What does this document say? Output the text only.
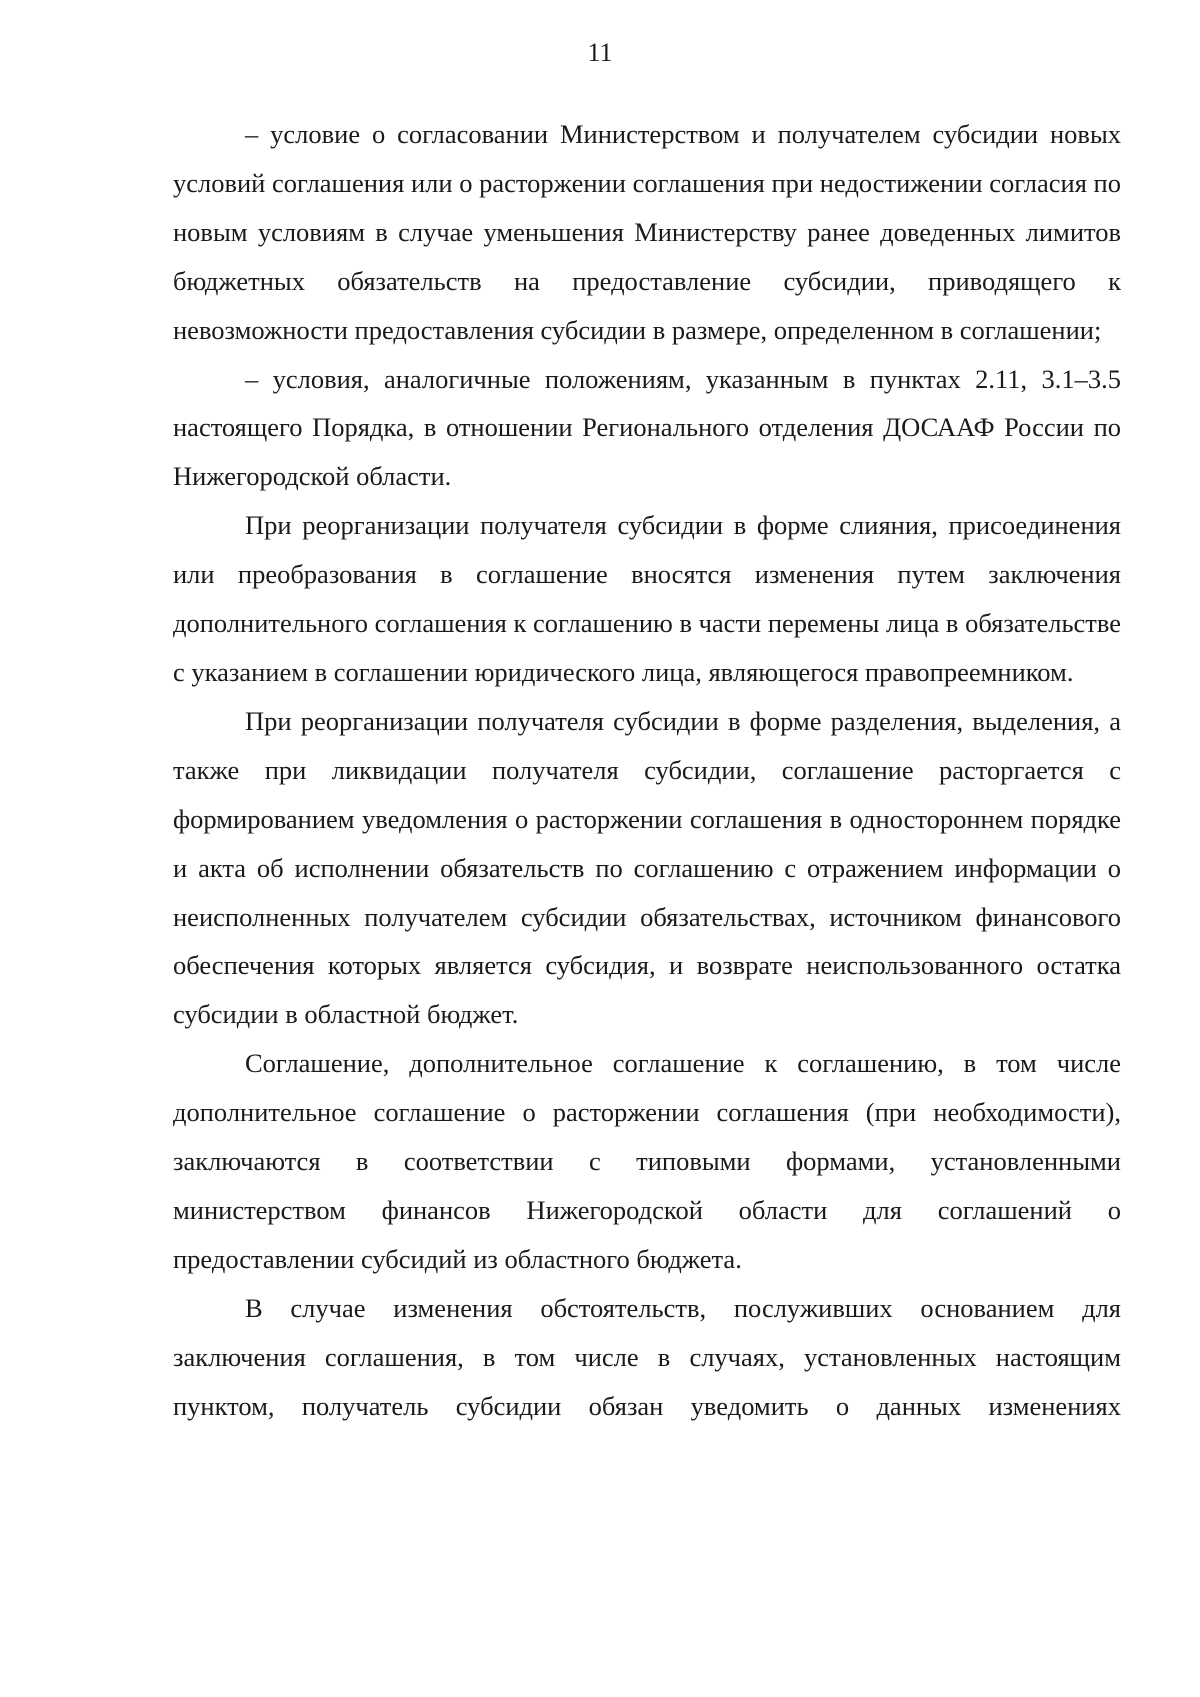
11

– условие о согласовании Министерством и получателем субсидии новых условий соглашения или о расторжении соглашения при недостижении согласия по новым условиям в случае уменьшения Министерству ранее доведенных лимитов бюджетных обязательств на предоставление субсидии, приводящего к невозможности предоставления субсидии в размере, определенном в соглашении;

– условия, аналогичные положениям, указанным в пунктах 2.11, 3.1–3.5 настоящего Порядка, в отношении Регионального отделения ДОСААФ России по Нижегородской области.

При реорганизации получателя субсидии в форме слияния, присоединения или преобразования в соглашение вносятся изменения путем заключения дополнительного соглашения к соглашению в части перемены лица в обязательстве с указанием в соглашении юридического лица, являющегося правопреемником.

При реорганизации получателя субсидии в форме разделения, выделения, а также при ликвидации получателя субсидии, соглашение расторгается с формированием уведомления о расторжении соглашения в одностороннем порядке и акта об исполнении обязательств по соглашению с отражением информации о неисполненных получателем субсидии обязательствах, источником финансового обеспечения которых является субсидия, и возврате неиспользованного остатка субсидии в областной бюджет.

Соглашение, дополнительное соглашение к соглашению, в том числе дополнительное соглашение о расторжении соглашения (при необходимости), заключаются в соответствии с типовыми формами, установленными министерством финансов Нижегородской области для соглашений о предоставлении субсидий из областного бюджета.

В случае изменения обстоятельств, послуживших основанием для заключения соглашения, в том числе в случаях, установленных настоящим пунктом, получатель субсидии обязан уведомить о данных изменениях
